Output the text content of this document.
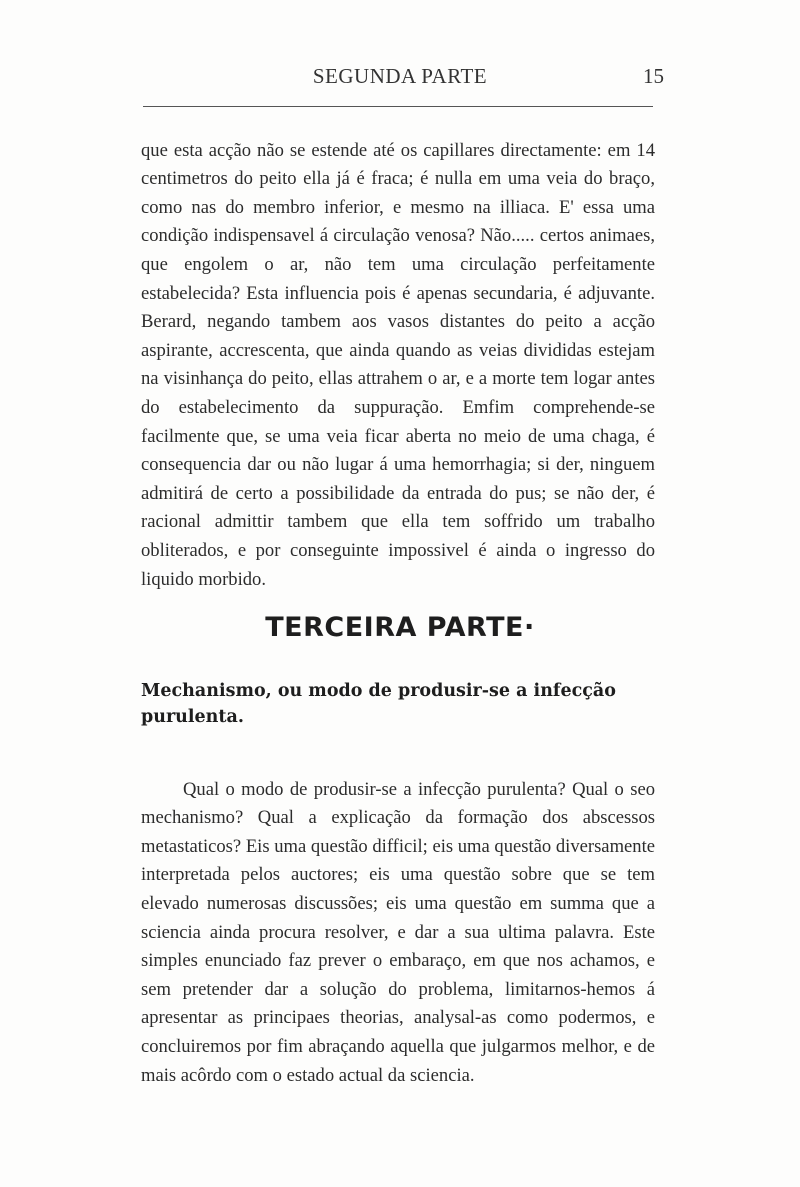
SEGUNDA PARTE	15

que esta acção não se estende até os capillares directamente: em 14 centimetros do peito ella já é fraca; é nulla em uma veia do braço, como nas do membro inferior, e mesmo na illiaca. E' essa uma condição indispensavel á circulação venosa? Não..... certos animaes, que engolem o ar, não tem uma circulação perfeitamente estabelecida? Esta influencia pois é apenas secundaria, é adjuvante. Berard, negando tambem aos vasos distantes do peito a acção aspirante, accrescenta, que ainda quando as veias divididas estejam na visinhança do peito, ellas attrahem o ar, e a morte tem logar antes do estabelecimento da suppuração. Emfim comprehende-se facilmente que, se uma veia ficar aberta no meio de uma chaga, é consequencia dar ou não lugar á uma hemorrhagia; si der, ninguem admitirá de certo a possibilidade da entrada do pus; se não der, é racional admittir tambem que ella tem soffrido um trabalho obliterados, e por conseguinte impossivel é ainda o ingresso do liquido morbido.

TERCEIRA PARTE·
Mechanismo, ou modo de produsir-se a infecção purulenta.

Qual o modo de produsir-se a infecção purulenta? Qual o seo mechanismo? Qual a explicação da formação dos abscessos metastaticos? Eis uma questão difficil; eis uma questão diversamente interpretada pelos auctores; eis uma questão sobre que se tem elevado numerosas discussões; eis uma questão em summa que a sciencia ainda procura resolver, e dar a sua ultima palavra. Este simples enunciado faz prever o embaraço, em que nos achamos, e sem pretender dar a solução do problema, limitarnos-hemos á apresentar as principaes theorias, analysal-as como podermos, e concluiremos por fim abraçando aquella que julgarmos melhor, e de mais acôrdo com o estado actual da sciencia.
